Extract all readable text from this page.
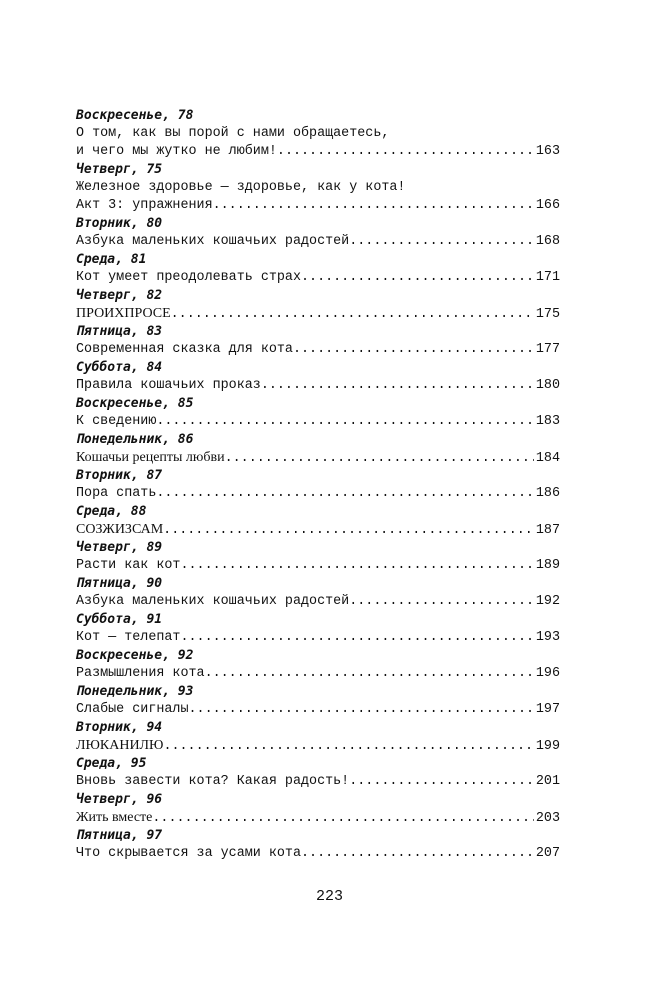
Воскресенье, 78
О том, как вы порой с нами обращаетесь,
и чего мы жутко не любим! .....	163
Четверг, 75
Железное здоровье — здоровье, как у кота!
Акт 3: упражнения .....	166
Вторник, 80
Азбука маленьких кошачьих радостей .....	168
Среда, 81
Кот умеет преодолевать страх .....	171
Четверг, 82
ПРОИХПРОСЕ .....	175
Пятница, 83
Современная сказка для кота .....	177
Суббота, 84
Правила кошачьих проказ .....	180
Воскресенье, 85
К сведению .....	183
Понедельник, 86
Кошачьи рецепты любви .....	184
Вторник, 87
Пора спать .....	186
Среда, 88
СОЗЖИЗСАМ .....	187
Четверг, 89
Расти как кот .....	189
Пятница, 90
Азбука маленьких кошачьих радостей .....	192
Суббота, 91
Кот — телепат .....	193
Воскресенье, 92
Размышления кота .....	196
Понедельник, 93
Слабые сигналы .....	197
Вторник, 94
ЛЮКАНИЛЮ .....	199
Среда, 95
Вновь завести кота? Какая радость! .....	201
Четверг, 96
Жить вместе .....	203
Пятница, 97
Что скрывается за усами кота .....	207
223
